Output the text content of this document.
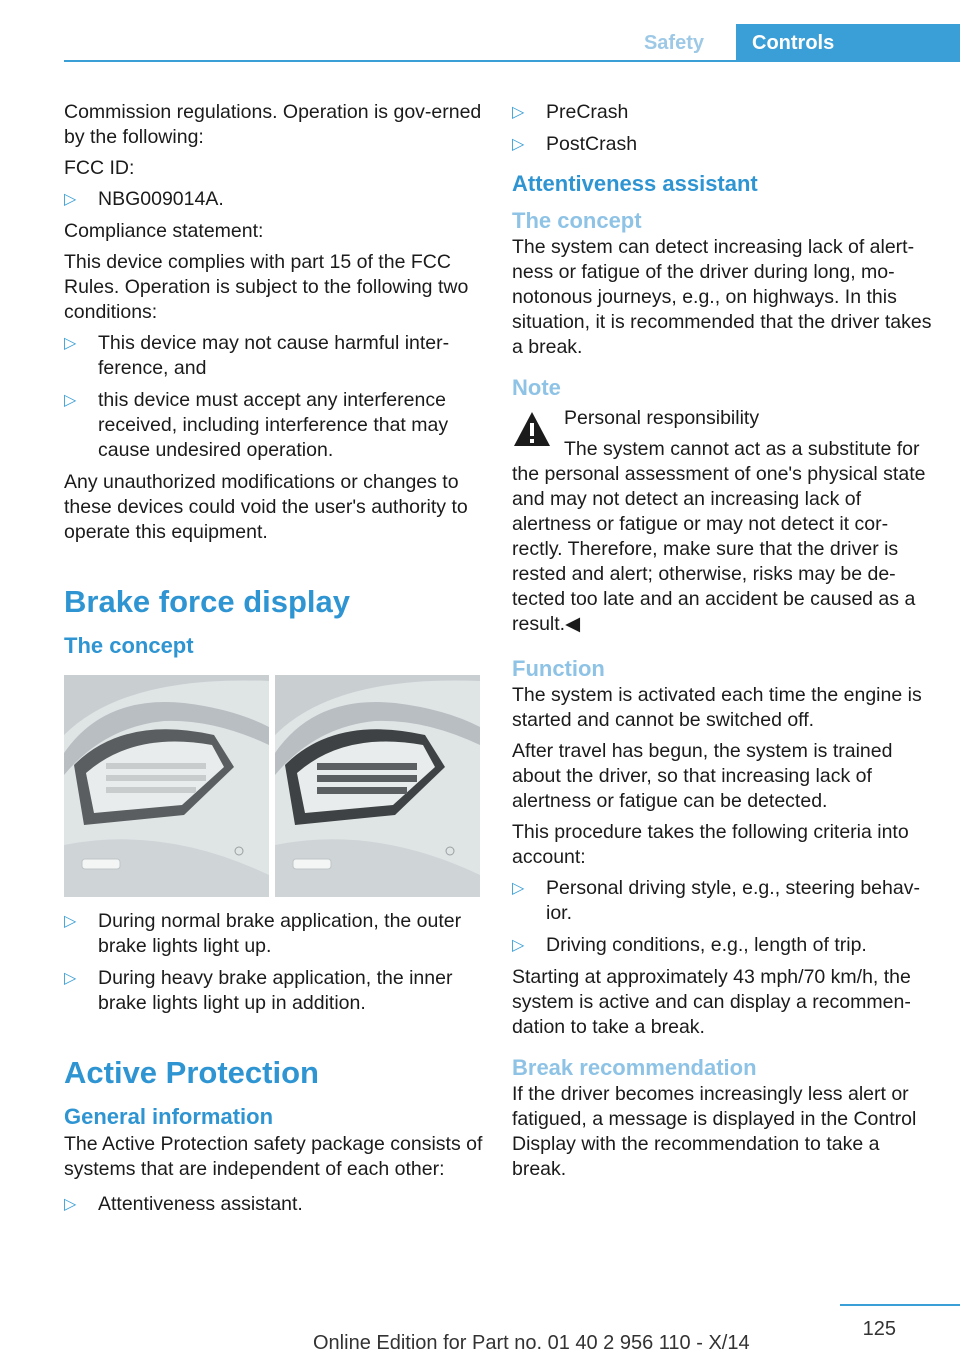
Safety	Controls

Commission regulations. Operation is gov‐erned by the following:

FCC ID:

▷ NBG009014A.

Compliance statement:

This device complies with part 15 of the FCC Rules. Operation is subject to the following two conditions:

▷ This device may not cause harmful inter‐ference, and
▷ this device must accept any interference received, including interference that may cause undesired operation.

Any unauthorized modifications or changes to these devices could void the user's authority to operate this equipment.

Brake force display
The concept
▷ During normal brake application, the outer brake lights light up.
▷ During heavy brake application, the inner brake lights light up in addition.
Active Protection
General information

The Active Protection safety package consists of systems that are independent of each other:

▷ Attentiveness assistant.
▷ PreCrash
▷ PostCrash
Attentiveness assistant
The concept

The system can detect increasing lack of alert‐ness or fatigue of the driver during long, mo‐notonous journeys, e.g., on highways. In this situation, it is recommended that the driver takes a break.

Note

Personal responsibility

The system cannot act as a substitute for
the personal assessment of one's physical state and may not detect an increasing lack of alertness or fatigue or may not detect it cor‐rectly. Therefore, make sure that the driver is rested and alert; otherwise, risks may be de‐tected too late and an accident be caused as a result.◀

Function

The system is activated each time the engine is started and cannot be switched off.

After travel has begun, the system is trained about the driver, so that increasing lack of alertness or fatigue can be detected.

This procedure takes the following criteria into account:

▷ Personal driving style, e.g., steering behav‐ior.
▷ Driving conditions, e.g., length of trip.

Starting at approximately 43 mph/70 km/h, the system is active and can display a recommen‐dation to take a break.

Break recommendation

If the driver becomes increasingly less alert or fatigued, a message is displayed in the Control Display with the recommendation to take a break.

125
Online Edition for Part no. 01 40 2 956 110 - X/14
